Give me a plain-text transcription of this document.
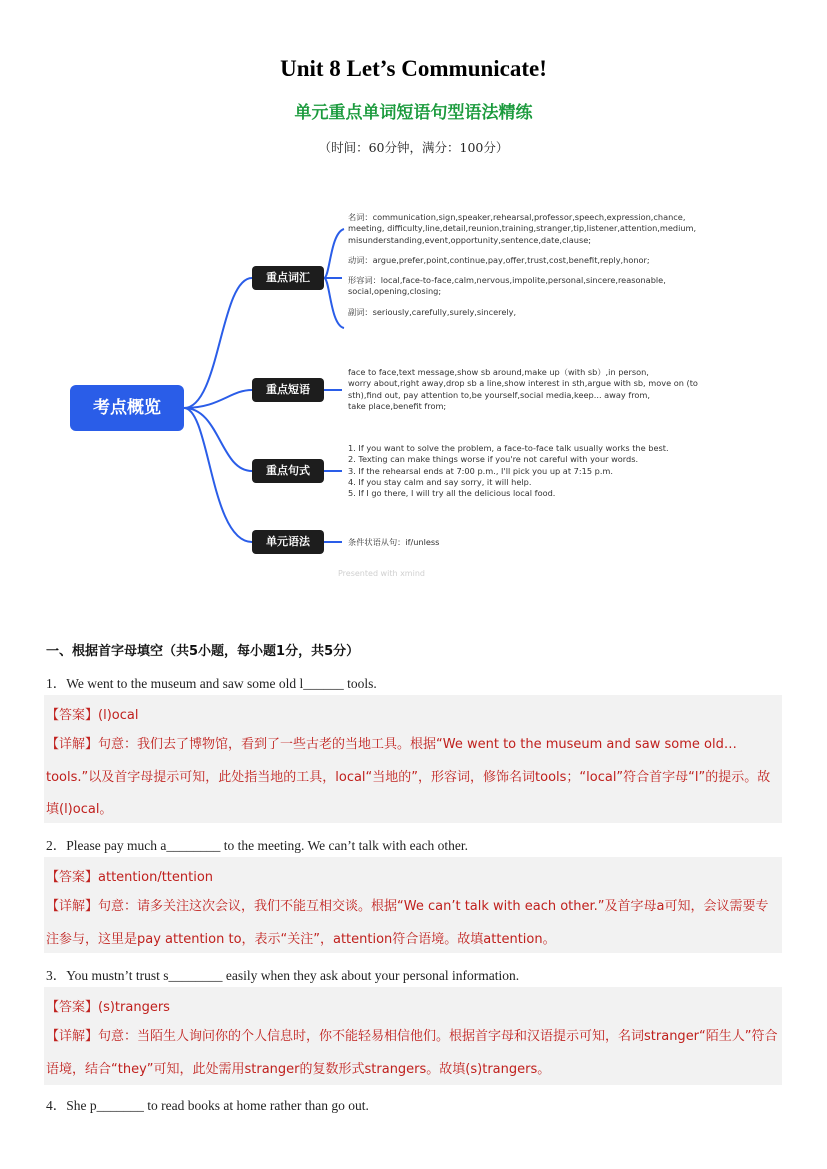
Unit 8 Let’s Communicate!
单元重点单词短语句型语法精练
（时间：60分钟，满分：100分）
考点概览
重点词汇
重点短语
重点句式
单元语法
名词：communication,sign,speaker,rehearsal,professor,speech,expression,chance,
meeting, difficulty,line,detail,reunion,training,stranger,tip,listener,attention,medium,
misunderstanding,event,opportunity,sentence,date,clause;
动词：argue,prefer,point,continue,pay,offer,trust,cost,benefit,reply,honor;
形容词：local,face-to-face,calm,nervous,impolite,personal,sincere,reasonable,
social,opening,closing;
副词：seriously,carefully,surely,sincerely,
face to face,text message,show sb around,make up（with sb）,in person,
worry about,right away,drop sb a line,show interest in sth,argue with sb, move on (to
sth),find out, pay attention to,be yourself,social media,keep... away from,
take place,benefit from;
1. If you want to solve the problem, a face-to-face talk usually works the best.
2. Texting can make things worse if you're not careful with your words.
3. If the rehearsal ends at 7:00 p.m., I'll pick you up at 7:15 p.m.
4. If you stay calm and say sorry, it will help.
5. If I go there, I will try all the delicious local food.
条件状语从句：if/unless
Presented with xmind
一、根据首字母填空（共5小题，每小题1分，共5分）
1．We went to the museum and saw some old l______ tools.
【答案】(l)ocal
【详解】句意：我们去了博物馆，看到了一些古老的当地工具。根据“We went to the museum and saw some old…tools.”以及首字母提示可知，此处指当地的工具，local“当地的”，形容词，修饰名词tools；“local”符合首字母“l”的提示。故填(l)ocal。
2．Please pay much a________ to the meeting. We can’t talk with each other.
【答案】attention/ttention
【详解】句意：请多关注这次会议，我们不能互相交谈。根据“We can’t talk with each other.”及首字母a可知，会议需要专注参与，这里是pay attention to，表示“关注”，attention符合语境。故填attention。
3．You mustn’t trust s________ easily when they ask about your personal information.
【答案】(s)trangers
【详解】句意：当陌生人询问你的个人信息时，你不能轻易相信他们。根据首字母和汉语提示可知，名词stranger“陌生人”符合语境，结合“they”可知，此处需用stranger的复数形式strangers。故填(s)trangers。
4．She p_______ to read books at home rather than go out.
